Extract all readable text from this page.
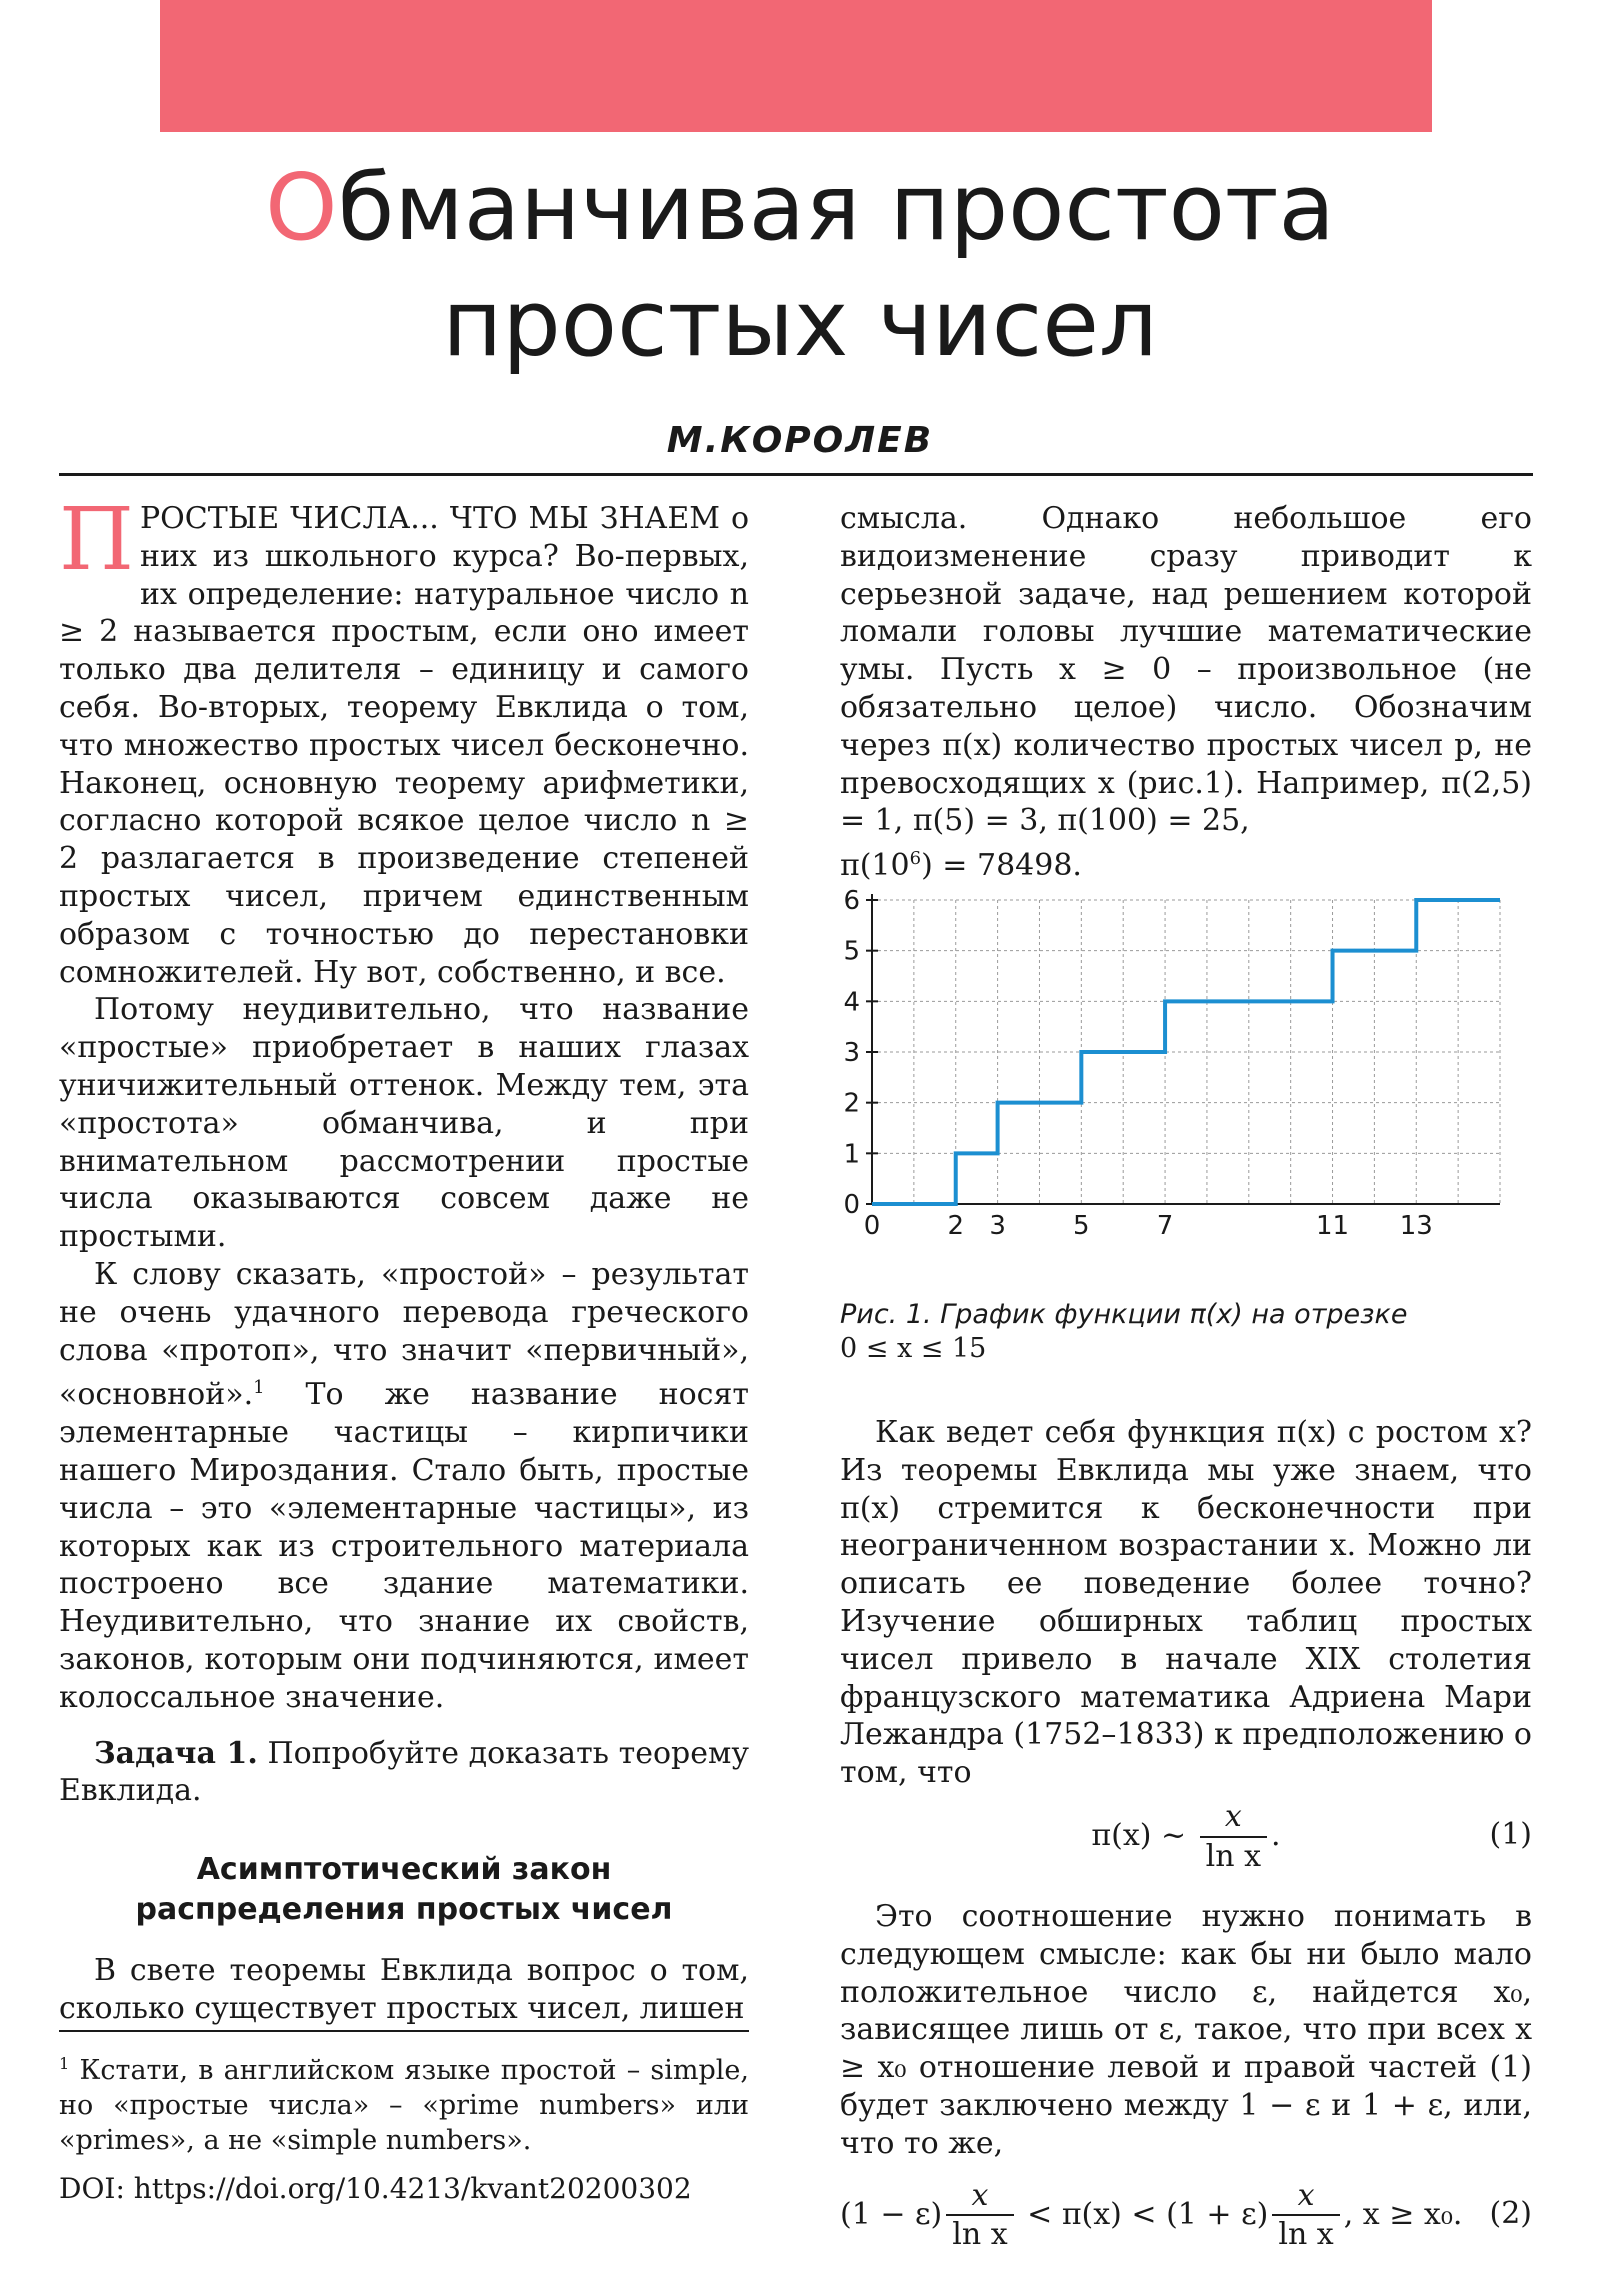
Обманчивая простота
простых чисел
М.КОРОЛЕВ

ПРОСТЫЕ ЧИСЛА... ЧТО МЫ ЗНАЕМ о них из школьного курса? Во-первых, их определение: натуральное число n ≥ 2 называется простым, если оно имеет только два делителя – единицу и самого себя. Во-вторых, теорему Евклида о том, что множество простых чисел бесконечно. Наконец, основную теорему арифметики, согласно которой всякое целое число n ≥ 2 разлагается в произведение степеней простых чисел, причем единственным образом с точностью до перестановки сомножителей. Ну вот, собственно, и все.

Потому неудивительно, что название «простые» приобретает в наших глазах уничижительный оттенок. Между тем, эта «простота» обманчива, и при внимательном рассмотрении простые числа оказываются совсем даже не простыми.

К слову сказать, «простой» – результат не очень удачного перевода греческого слова «протоп», что значит «первичный», «основной».$^1$ То же название носят элементарные частицы – кирпичики нашего Мироздания. Стало быть, простые числа – это «элементарные частицы», из которых как из строительного материала построено все здание математики. Неудивительно, что знание их свойств, законов, которым они подчиняются, имеет колоссальное значение.

Задача 1. Попробуйте доказать теорему Евклида.

Асимптотический закон
распределения простых чисел

В свете теоремы Евклида вопрос о том, сколько существует простых чисел, лишен

$^1$ Кстати, в английском языке простой – simple, но «простые числа» – «prime numbers» или «primes», а не «simple numbers».
DOI: https://doi.org/10.4213/kvant20200302

смысла. Однако небольшое его видоизменение сразу приводит к серьезной задаче, над решением которой ломали головы лучшие математические умы. Пусть x ≥ 0 – произвольное (не обязательно целое) число. Обозначим через π(x) количество простых чисел p, не превосходящих x (рис.1). Например, π(2,5) = 1, π(5) = 3, π(100) = 25,

$\pi(10^6) = 78498$.

0
1
2
3
4
5
6
0	2 3	5	7	11 13
Рис. 1. График функции π(x) на отрезке
0 ≤ x ≤ 15

Как ведет себя функция π(x) с ростом x? Из теоремы Евклида мы уже знаем, что π(x) стремится к бесконечности при неограниченном возрастании x. Можно ли описать ее поведение более точно? Изучение обширных таблиц простых чисел привело в начале XIX столетия французского математика Адриена Мари Лежандра (1752–1833) к предположению о том, что

π(x) ~ $\frac{x}{\text{ln x}}$ .	(1)

Это соотношение нужно понимать в следующем смысле: как бы ни было мало положительное число ε, найдется x₀, зависящее лишь от ε, такое, что при всех x ≥ x₀ отношение левой и правой частей (1) будет заключено между 1 − ε и 1 + ε, или, что то же,

$(1 - \varepsilon) \frac{x}{\text{ln x}} < \pi(x) < (1 + \varepsilon) \frac{x}{\text{ln x}}$ , x ≥ x₀. (2)
